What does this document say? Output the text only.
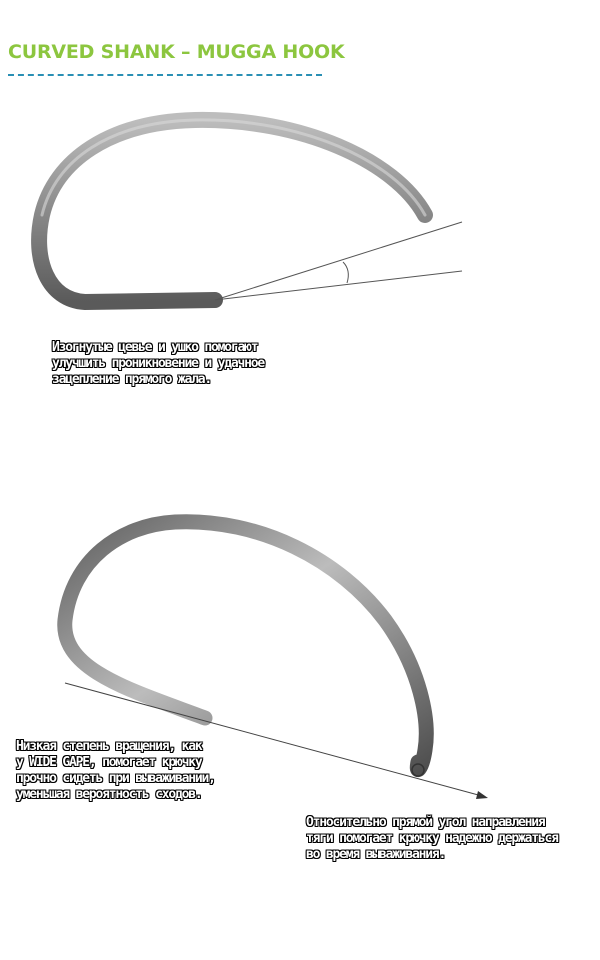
CURVED SHANK – MUGGA HOOK

Изогнутые цевье и ушко помогают
улучшить проникновение и удачное
зацепление прямого жала.

Низкая степень вращения, как
у WIDE GAPE, помогает крючку
прочно сидеть при вываживании,
уменьшая вероятность сходов.

Относительно прямой угол направления
тяги помогает крючку надежно держаться
во время вываживания.
